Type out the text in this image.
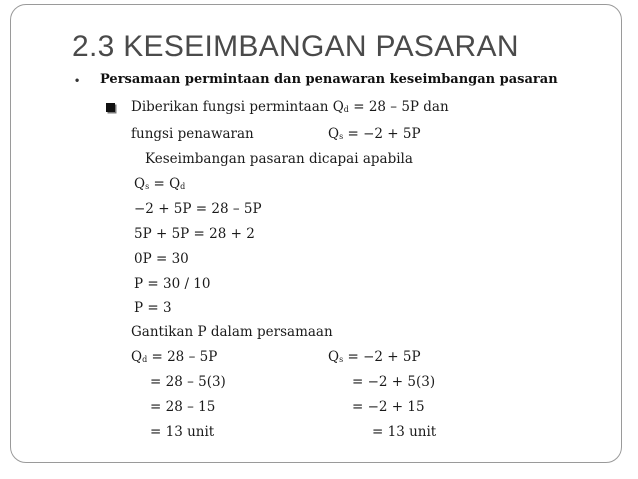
2.3 KESEIMBANGAN PASARAN
• Persamaan permintaan dan penawaran keseimbangan pasaran
Diberikan fungsi permintaan $Q_d = 28 - 5P$ dan
fungsi penawaran	$Q_s = -2 + 5P$
Keseimbangan pasaran dicapai apabila
$Q_s = Q_d$
−2 + 5P = 28 – 5P
5P + 5P = 28 + 2
0P = 30
P = 30 / 10
P = 3
Gantikan P dalam persamaan
$Q_d = 28 - 5P$	$Q_s = -2 + 5P$
= 28 – 5(3)	= −2 + 5(3)
= 28 – 15	= −2 + 15
= 13 unit	= 13 unit
